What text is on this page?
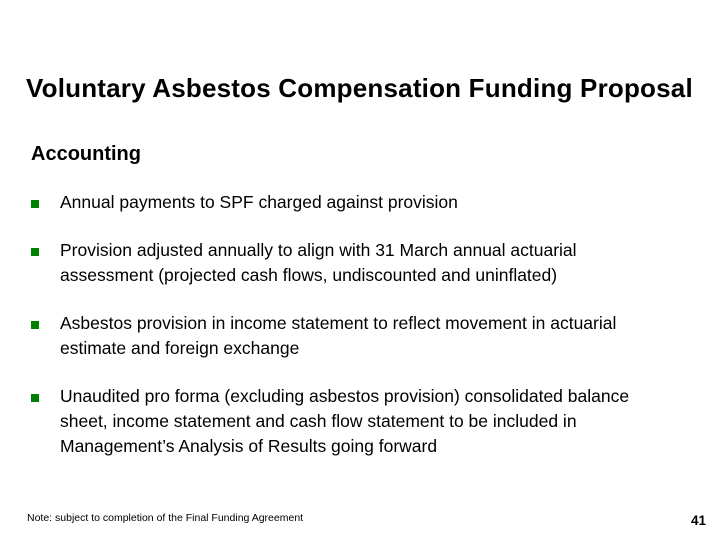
Voluntary Asbestos Compensation Funding Proposal
Accounting
Annual payments to SPF charged against provision
Provision adjusted annually to align with 31 March annual actuarial assessment (projected cash flows, undiscounted and uninflated)
Asbestos provision in income statement to reflect movement in actuarial estimate and foreign exchange
Unaudited pro forma (excluding asbestos provision) consolidated balance sheet, income statement and cash flow statement to be included in Management’s Analysis of Results going forward
Note: subject to completion of the Final Funding Agreement	41
